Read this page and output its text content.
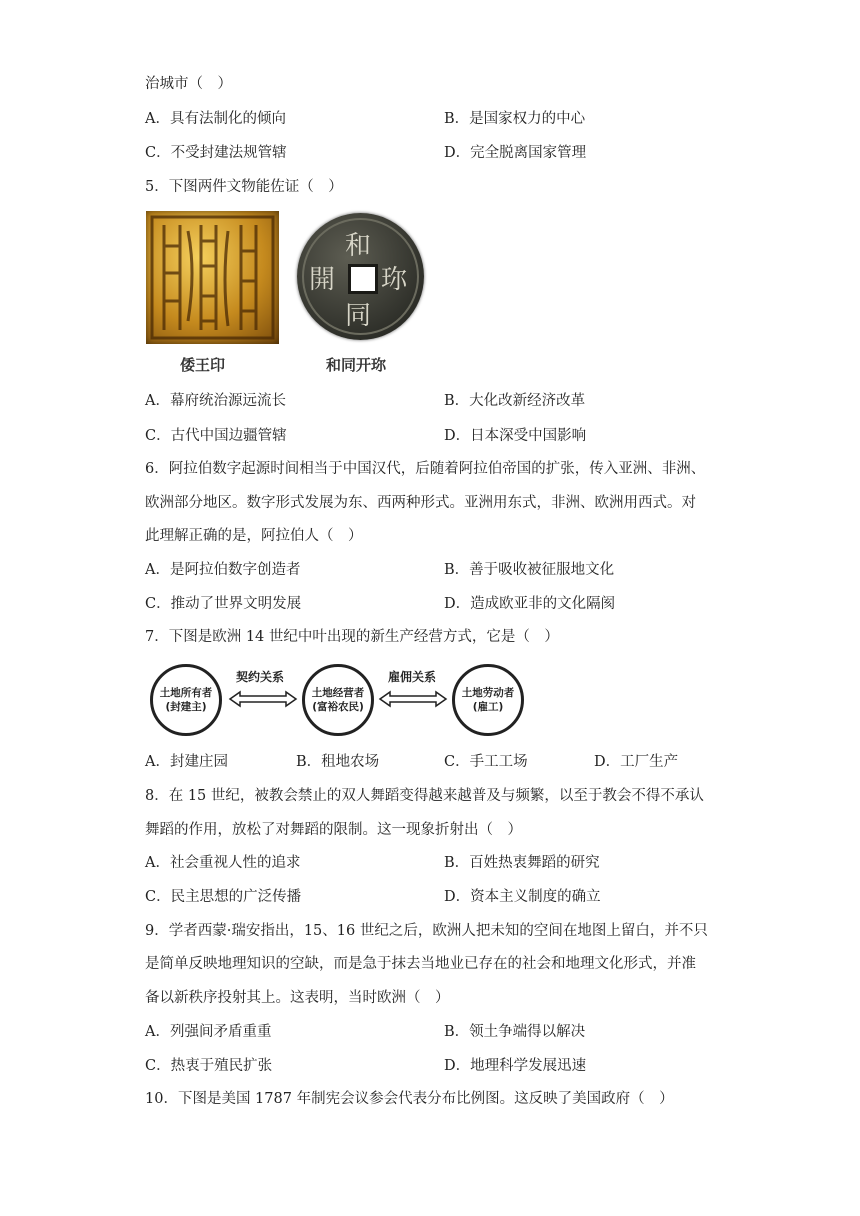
治城市（　）
A．具有法制化的倾向	B．是国家权力的中心
C．不受封建法规管辖	D．完全脱离国家管理
5．下图两件文物能佐证（　）
倭王印
和
同
開 珎
和同开珎
A．幕府统治源远流长	B．大化改新经济改革
C．古代中国边疆管辖	D．日本深受中国影响
6．阿拉伯数字起源时间相当于中国汉代，后随着阿拉伯帝国的扩张，传入亚洲、非洲、
欧洲部分地区。数字形式发展为东、西两种形式。亚洲用东式，非洲、欧洲用西式。对
此理解正确的是，阿拉伯人（　）
A．是阿拉伯数字创造者	B．善于吸收被征服地文化
C．推动了世界文明发展	D．造成欧亚非的文化隔阂
7．下图是欧洲 14 世纪中叶出现的新生产经营方式，它是（　）
土地所有者
(封建主)
契约关系
土地经营者
(富裕农民)
雇佣关系
土地劳动者
(雇工)
A．封建庄园	B．租地农场	C．手工工场	D．工厂生产
8．在 15 世纪，被教会禁止的双人舞蹈变得越来越普及与频繁，以至于教会不得不承认
舞蹈的作用，放松了对舞蹈的限制。这一现象折射出（　）
A．社会重视人性的追求	B．百姓热衷舞蹈的研究
C．民主思想的广泛传播	D．资本主义制度的确立
9．学者西蒙·瑞安指出，15、16 世纪之后，欧洲人把未知的空间在地图上留白，并不只
是简单反映地理知识的空缺，而是急于抹去当地业已存在的社会和地理文化形式，并准
备以新秩序投射其上。这表明，当时欧洲（　）
A．列强间矛盾重重	B．领土争端得以解决
C．热衷于殖民扩张	D．地理科学发展迅速
10．下图是美国 1787 年制宪会议参会代表分布比例图。这反映了美国政府（　）
